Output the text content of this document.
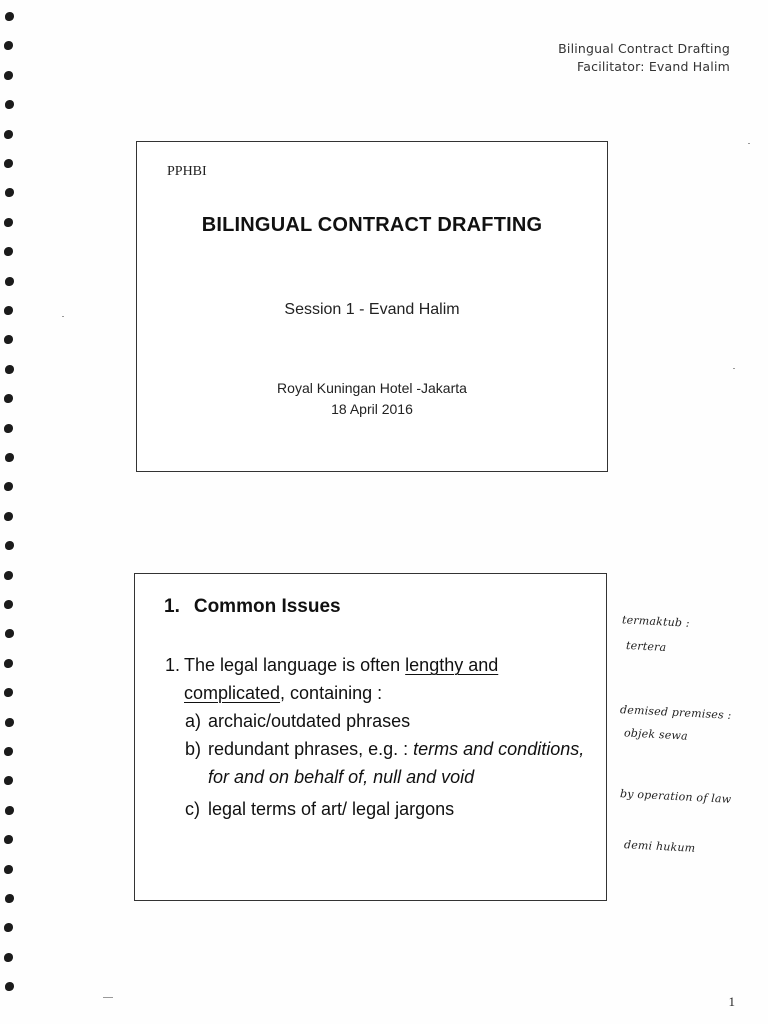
Bilingual Contract Drafting
Facilitator: Evand Halim
PPHBI
BILINGUAL CONTRACT DRAFTING
Session 1 - Evand Halim
Royal Kuningan Hotel -Jakarta
18 April 2016
1. Common Issues
1. The legal language is often lengthy and
complicated, containing :
a) archaic/outdated phrases
b) redundant phrases, e.g. : terms and conditions, for and on behalf of, null and void
c) legal terms of art/ legal jargons
termaktub :
tertera
demised premises :
objek sewa
by operation of law
demi hukum
1
